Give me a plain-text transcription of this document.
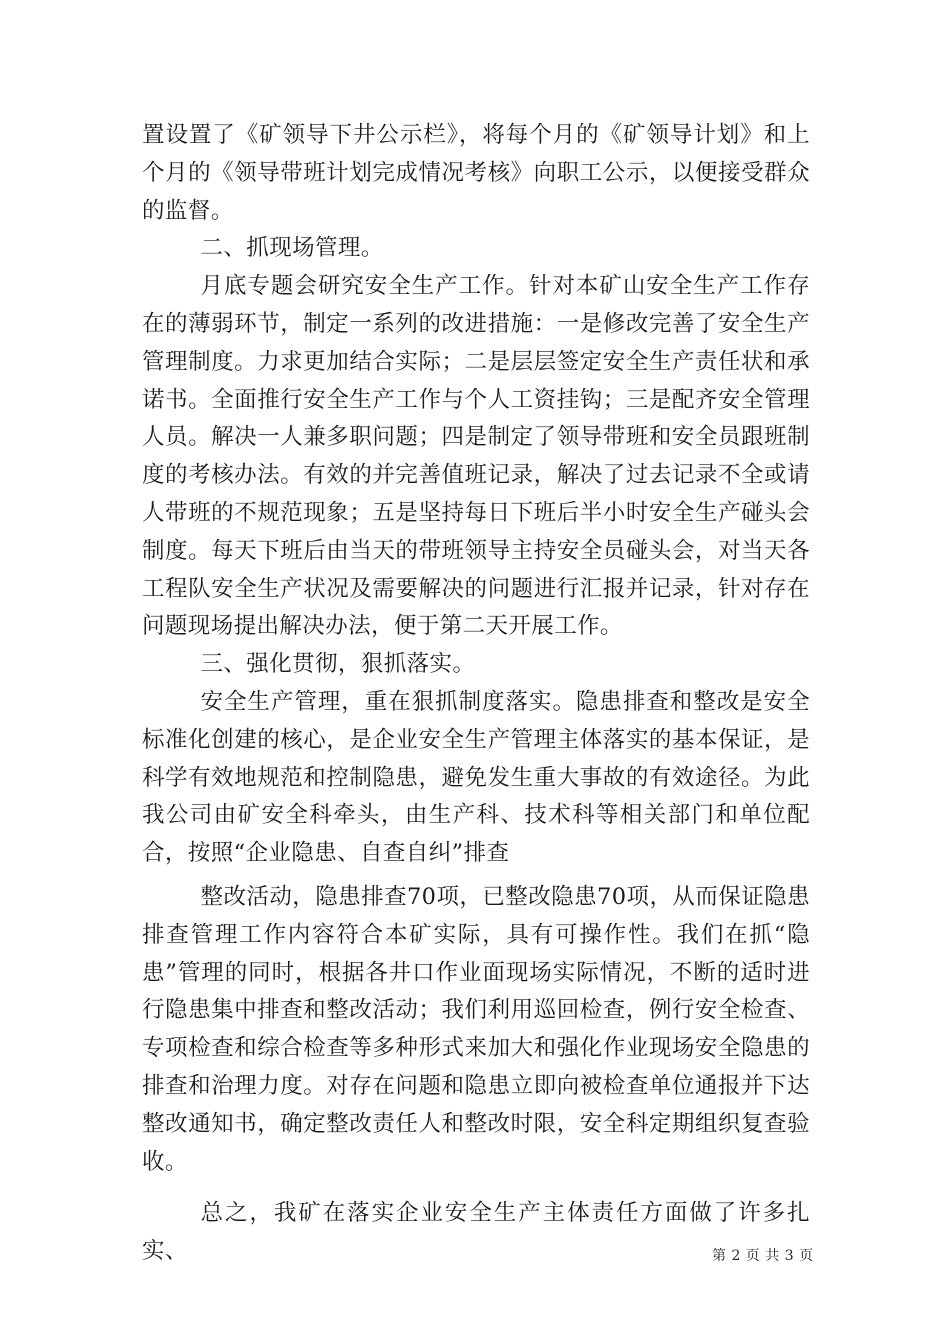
置设置了《矿领导下井公示栏》，将每个月的《矿领导计划》和上个月的《领导带班计划完成情况考核》向职工公示，以便接受群众的监督。

二、抓现场管理。

月底专题会研究安全生产工作。针对本矿山安全生产工作存在的薄弱环节，制定一系列的改进措施：一是修改完善了安全生产管理制度。力求更加结合实际；二是层层签定安全生产责任状和承诺书。全面推行安全生产工作与个人工资挂钩；三是配齐安全管理人员。解决一人兼多职问题；四是制定了领导带班和安全员跟班制度的考核办法。有效的并完善值班记录，解决了过去记录不全或请人带班的不规范现象；五是坚持每日下班后半小时安全生产碰头会制度。每天下班后由当天的带班领导主持安全员碰头会，对当天各工程队安全生产状况及需要解决的问题进行汇报并记录，针对存在问题现场提出解决办法，便于第二天开展工作。

三、强化贯彻，狠抓落实。

安全生产管理，重在狠抓制度落实。隐患排查和整改是安全标准化创建的核心，是企业安全生产管理主体落实的基本保证，是科学有效地规范和控制隐患，避免发生重大事故的有效途径。为此我公司由矿安全科牵头，由生产科、技术科等相关部门和单位配合，按照“企业隐患、自查自纠”排查

整改活动，隐患排查70项，已整改隐患70项，从而保证隐患排查管理工作内容符合本矿实际，具有可操作性。我们在抓“隐患”管理的同时，根据各井口作业面现场实际情况，不断的适时进行隐患集中排查和整改活动；我们利用巡回检查，例行安全检查、专项检查和综合检查等多种形式来加大和强化作业现场安全隐患的排查和治理力度。对存在问题和隐患立即向被检查单位通报并下达整改通知书，确定整改责任人和整改时限，安全科定期组织复查验收。

总之，我矿在落实企业安全生产主体责任方面做了许多扎实、	第 2 页 共 3 页
